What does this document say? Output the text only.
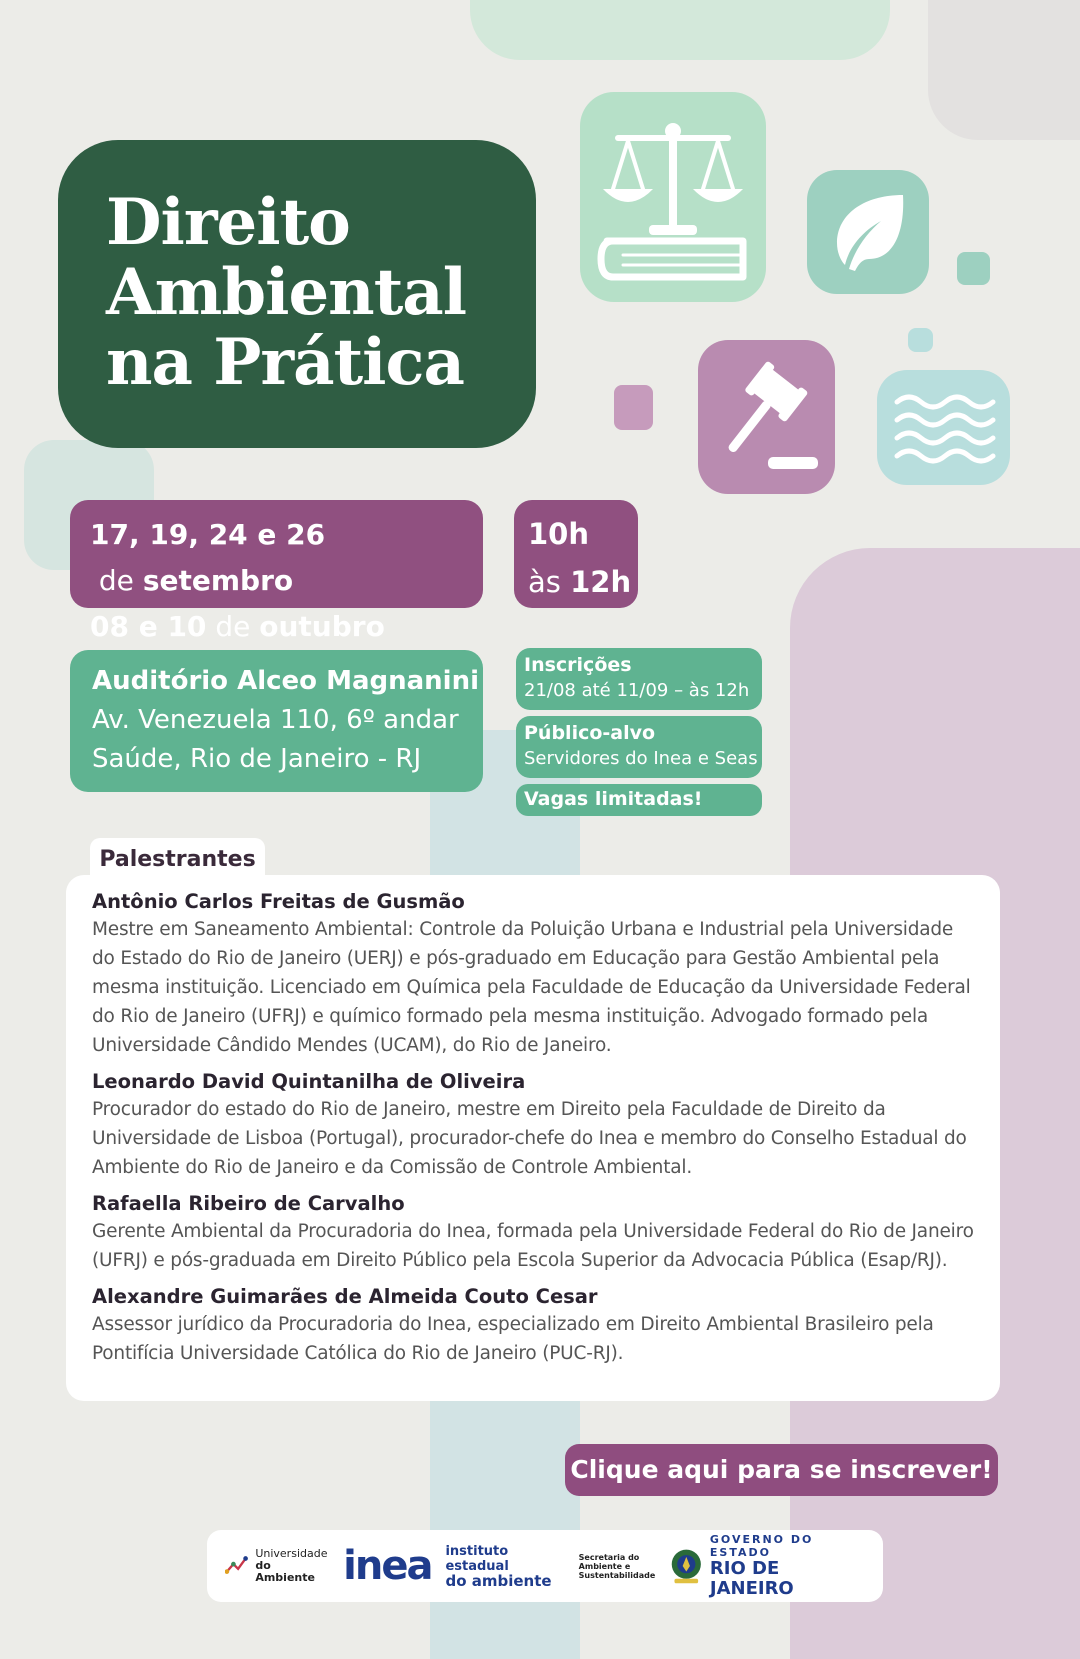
Direito
Ambiental
na Prática
17, 19, 24 e 26 de setembro
08 e 10 de outubro
10h
às 12h
Auditório Alceo Magnanini
Av. Venezuela 110, 6º andar
Saúde, Rio de Janeiro - RJ
Inscrições
21/08 até 11/09 – às 12h
Público-alvo
Servidores do Inea e Seas
Vagas limitadas!
Palestrantes
Antônio Carlos Freitas de Gusmão
Mestre em Saneamento Ambiental: Controle da Poluição Urbana e Industrial pela Universidade do Estado do Rio de Janeiro (UERJ) e pós-graduado em Educação para Gestão Ambiental pela mesma instituição. Licenciado em Química pela Faculdade de Educação da Universidade Federal do Rio de Janeiro (UFRJ) e químico formado pela mesma instituição. Advogado formado pela Universidade Cândido Mendes (UCAM), do Rio de Janeiro.
Leonardo David Quintanilha de Oliveira
Procurador do estado do Rio de Janeiro, mestre em Direito pela Faculdade de Direito da Universidade de Lisboa (Portugal), procurador-chefe do Inea e membro do Conselho Estadual do Ambiente do Rio de Janeiro e da Comissão de Controle Ambiental.
Rafaella Ribeiro de Carvalho
Gerente Ambiental da Procuradoria do Inea, formada pela Universidade Federal do Rio de Janeiro (UFRJ) e pós-graduada em Direito Público pela Escola Superior da Advocacia Pública (Esap/RJ).
Alexandre Guimarães de Almeida Couto Cesar
Assessor jurídico da Procuradoria do Inea, especializado em Direito Ambiental Brasileiro pela Pontifícia Universidade Católica do Rio de Janeiro (PUC-RJ).
Clique aqui para se inscrever!
Universidade
do Ambiente inea instituto estadual
do ambiente
Secretaria do
Ambiente e
Sustentabilidade
GOVERNO DO ESTADO
RIO DE JANEIRO
